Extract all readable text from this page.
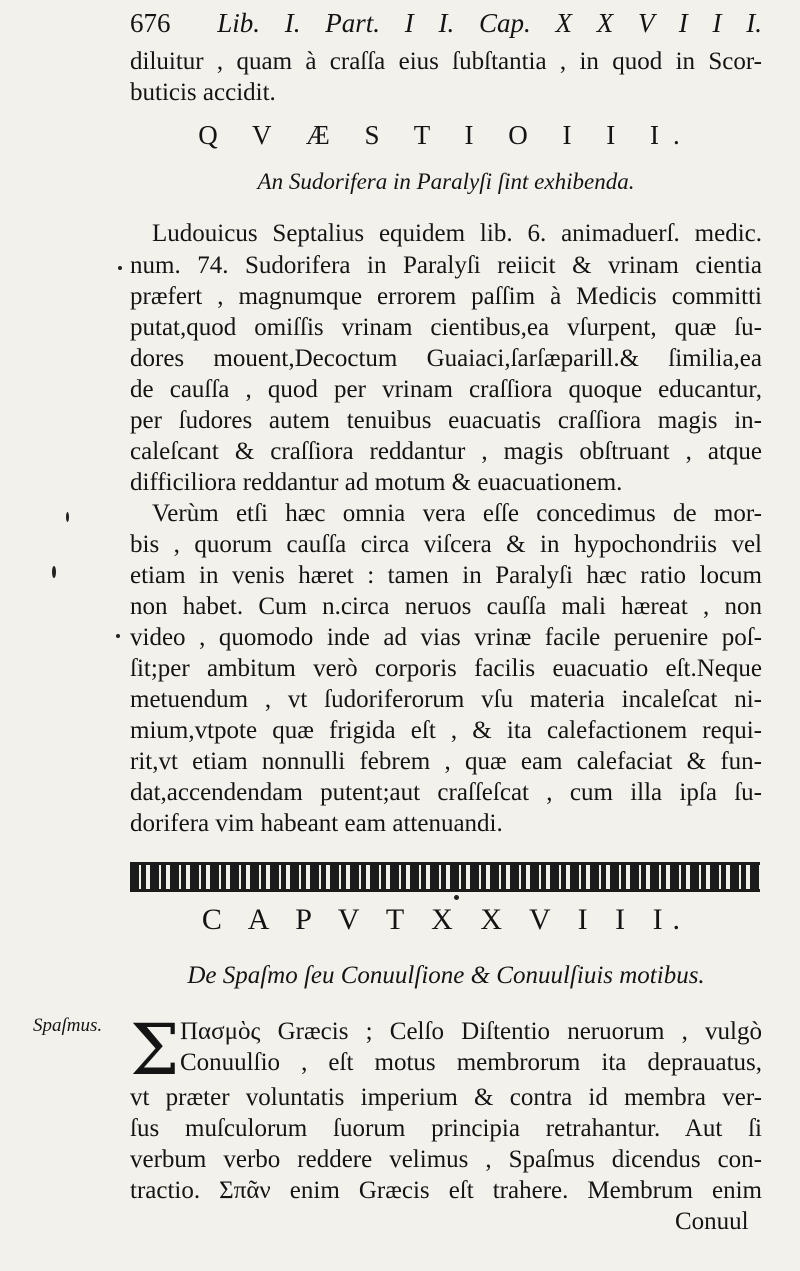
676 Lib. I. Part. I I. Cap. X X V I I I.
diluitur , quam à craſſa eius ſubſtantia , in quod in Scor-
buticis accidit.
Q V Æ S T I O I I I.
An Sudorifera in Paralyſi ſint exhibenda.
Ludouicus Septalius equidem lib. 6. animaduerſ. medic.
num. 74. Sudorifera in Paralyſi reiicit & vrinam cientia
præfert , magnumque errorem paſſim à Medicis committi
putat,quod omiſſis vrinam cientibus,ea vſurpent, quæ ſu-
dores mouent,Decoctum Guaiaci,ſarſæparill.& ſimilia,ea
de cauſſa , quod per vrinam craſſiora quoque educantur,
per ſudores autem tenuibus euacuatis craſſiora magis in-
caleſcant & craſſiora reddantur , magis obſtruant , atque
difficiliora reddantur ad motum & euacuationem.
Verùm etſi hæc omnia vera eſſe concedimus de mor-
bis , quorum cauſſa circa viſcera & in hypochondriis vel
etiam in venis hæret : tamen in Paralyſi hæc ratio locum
non habet. Cum n.circa neruos cauſſa mali hæreat , non
video , quomodo inde ad vias vrinæ facile peruenire poſ-
ſit;per ambitum verò corporis facilis euacuatio eſt.Neque
metuendum , vt ſudoriferorum vſu materia incaleſcat ni-
mium,vtpote quæ frigida eſt , & ita calefactionem requi-
rit,vt etiam nonnulli febrem , quæ eam calefaciat & fun-
dat,accendendam putent;aut craſſeſcat , cum illa ipſa ſu-
dorifera vim habeant eam attenuandi.
C A P V T X X V I I I.
De Spaſmo ſeu Conuulſione & Conuulſiuis motibus.
Spaſmus. Σ Πασμὸς Græcis ; Celſo Diſtentio neruorum , vulgò
Conuulſio , eſt motus membrorum ita deprauatus,
vt præter voluntatis imperium & contra id membra ver-
ſus muſculorum ſuorum principia retrahantur. Aut ſi
verbum verbo reddere velimus , Spaſmus dicendus con-
tractio. Σπᾶν enim Græcis eſt trahere. Membrum enim
Conuul
